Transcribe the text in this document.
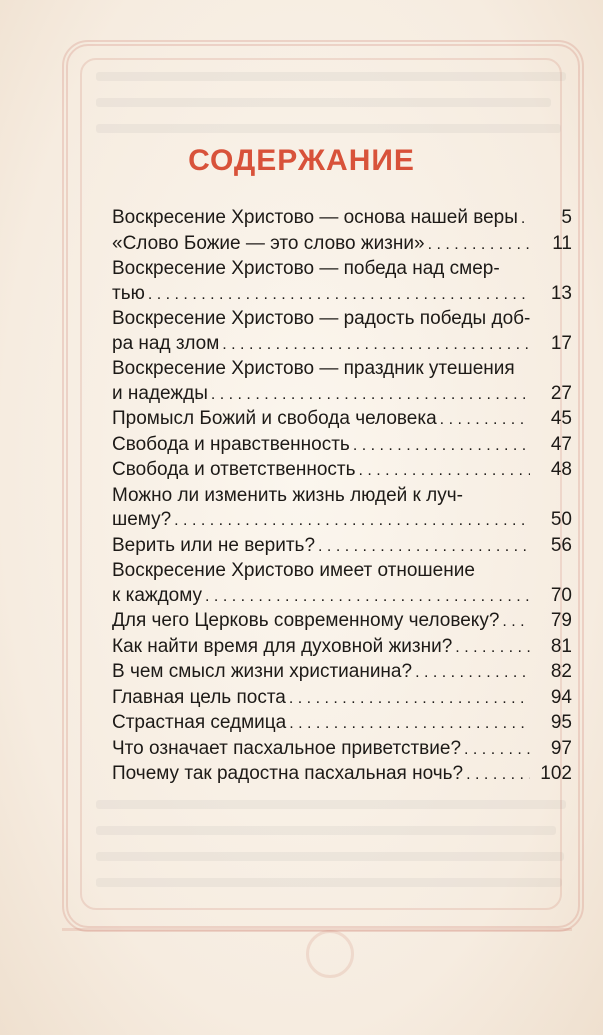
СОДЕРЖАНИЕ
Воскресение Христово — основа нашей веры . . .	5
«Слово Божие — это слово жизни» . . .	11
Воскресение Христово — победа над смер-
тью . . .	13
Воскресение Христово — радость победы доб-
ра над злом . . .	17
Воскресение Христово — праздник утешения
и надежды . . .	27
Промысл Божий и свобода человека . . .	45
Свобода и нравственность . . .	47
Свобода и ответственность . . .	48
Можно ли изменить жизнь людей к луч-
шему? . . .	50
Верить или не верить? . . .	56
Воскресение Христово имеет отношение
к каждому . . .	70
Для чего Церковь современному человеку? . . .	79
Как найти время для духовной жизни? . . .	81
В чем смысл жизни христианина? . . .	82
Главная цель поста . . .	94
Страстная седмица . . .	95
Что означает пасхальное приветствие? . . .	97
Почему так радостна пасхальная ночь? . . .	102
